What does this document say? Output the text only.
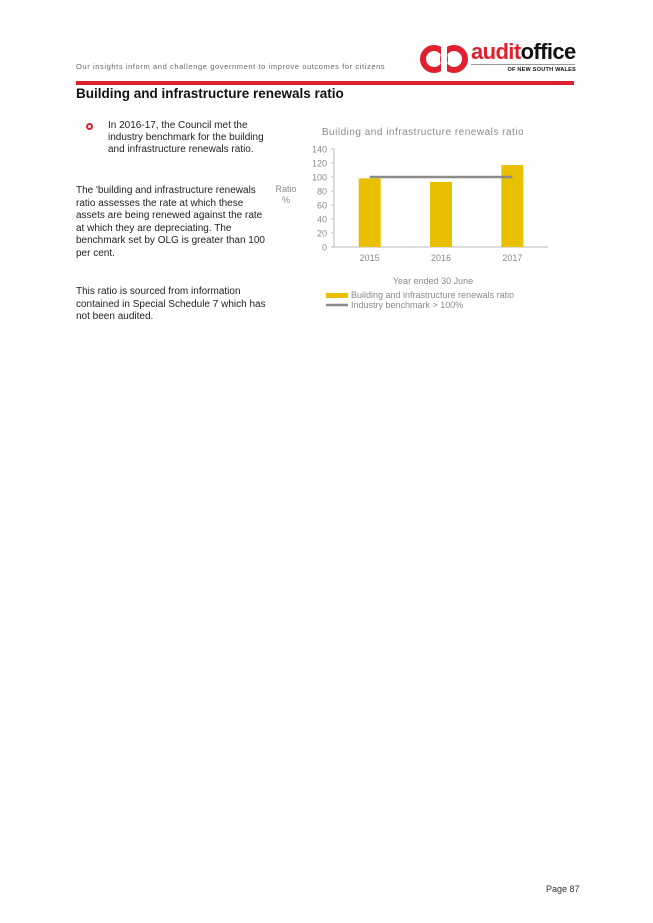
Our insights inform and challenge government to improve outcomes for citizens
auditoffice
OF NEW SOUTH WALES
Building and infrastructure renewals ratio
In 2016-17, the Council met the industry benchmark for the building and infrastructure renewals ratio.
The 'building and infrastructure renewals ratio assesses the rate at which these assets are being renewed against the rate at which they are depreciating. The benchmark set by OLG is greater than 100 per cent.
This ratio is sourced from information contained in Special Schedule 7 which has not been audited.
Building and infrastructure renewals ratio
Ratio
%
0
20
40
60
80
100
120
140
2015	2016	2017
Year ended 30 June
Building and infrastructure renewals ratio
Industry benchmark > 100%
Page 87
